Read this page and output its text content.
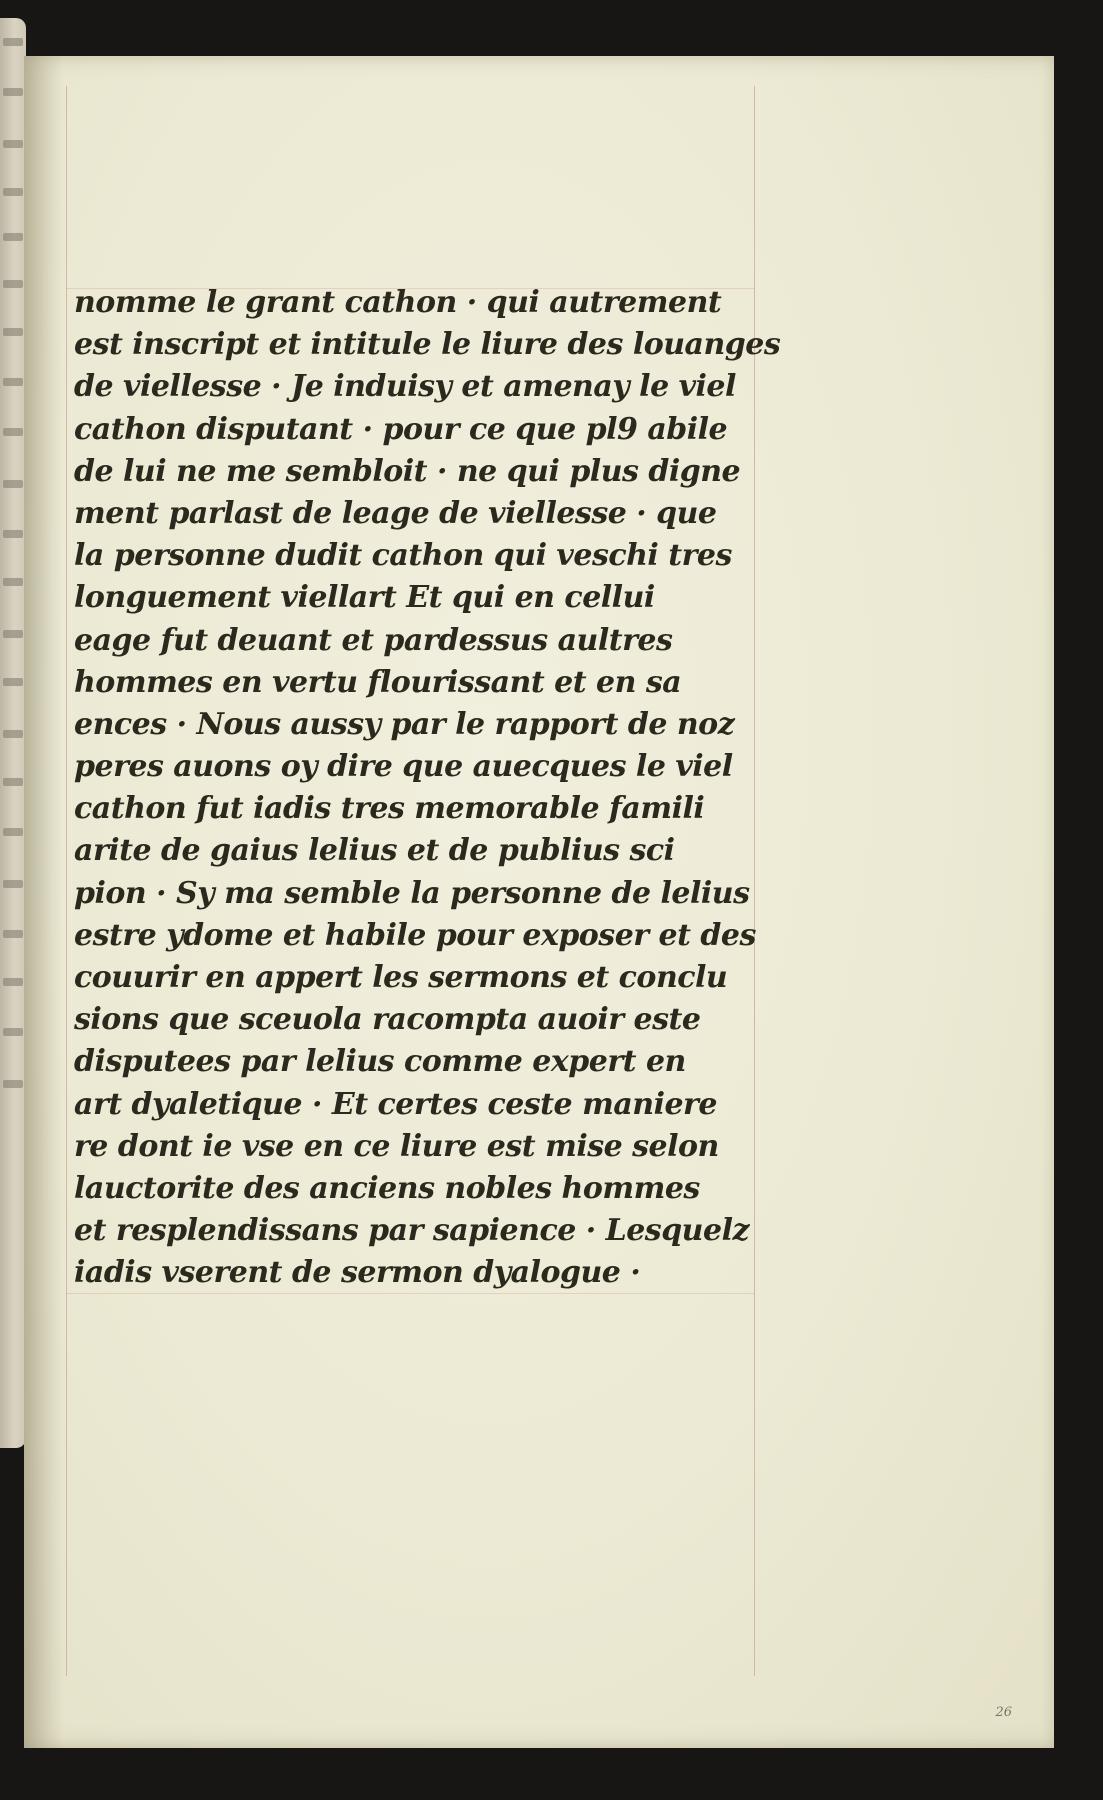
nomme le grant cathon · qui autrement
est inscript et intitule le liure des louanges
de viellesse · Je induisy et amenay le viel
cathon disputant · pour ce que pl9 abile
de lui ne me sembloit · ne qui plus digne
ment parlast de leage de viellesse · que
la personne dudit cathon qui veschi tres
longuement viellart Et qui en cellui
eage fut deuant et pardessus aultres
hommes en vertu flourissant et en sa
ences · Nous aussy par le rapport de noz
peres auons oy dire que auecques le viel
cathon fut iadis tres memorable famili
arite de gaius lelius et de publius sci
pion · Sy ma semble la personne de lelius
estre ydome et habile pour exposer et des
couurir en appert les sermons et conclu
sions que sceuola racompta auoir este
disputees par lelius comme expert en
art dyaletique · Et certes ceste maniere
re dont ie vse en ce liure est mise selon
lauctorite des anciens nobles hommes
et resplendissans par sapience · Lesquelz
iadis vserent de sermon dyalogue ·
26
